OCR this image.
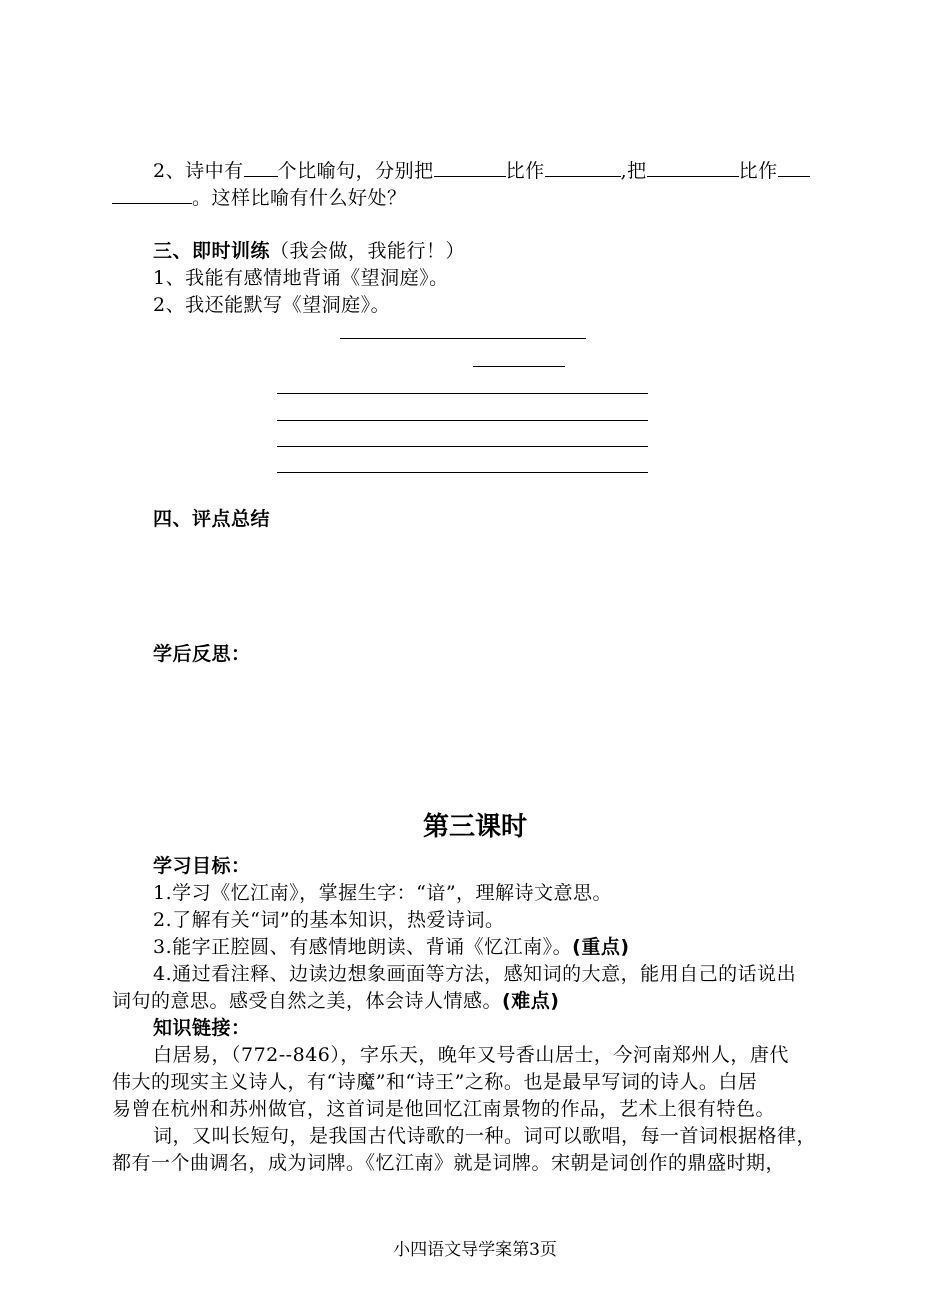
2、诗中有 个比喻句，分别把	比作	,把	比作
。这样比喻有什么好处？
三、即时训练（我会做，我能行！）
1、我能有感情地背诵《望洞庭》。
2、我还能默写《望洞庭》。
四、评点总结
学后反思：
第三课时
学习目标：
1.学习《忆江南》，掌握生字：“谙”，理解诗文意思。
2.了解有关“词”的基本知识，热爱诗词。
3.能字正腔圆、有感情地朗读、背诵《忆江南》。(重点)
4.通过看注释、边读边想象画面等方法，感知词的大意，能用自己的话说出
词句的意思。感受自然之美，体会诗人情感。(难点)
知识链接：
白居易，（772--846），字乐天，晚年又号香山居士，今河南郑州人，唐代
伟大的现实主义诗人，有“诗魔”和“诗王”之称。也是最早写词的诗人。白居
易曾在杭州和苏州做官，这首词是他回忆江南景物的作品，艺术上很有特色。
词，又叫长短句，是我国古代诗歌的一种。词可以歌唱，每一首词根据格律，
都有一个曲调名，成为词牌。《忆江南》就是词牌。宋朝是词创作的鼎盛时期，
小四语文导学案第3页
